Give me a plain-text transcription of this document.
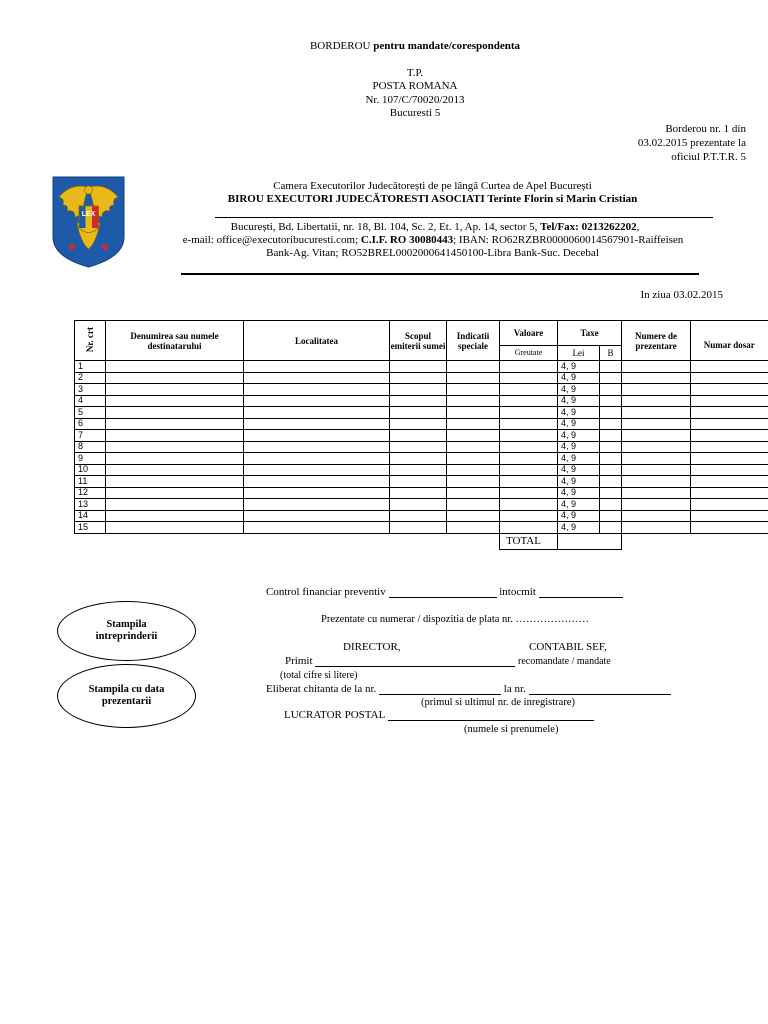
BORDEROU pentru mandate/corespondenta
T.P.
POSTA ROMANA
Nr. 107/C/70020/2013
Bucuresti 5
Borderou nr. 1 din
03.02.2015 prezentate la
oficiul P.T.T.R. 5
UNEJ
LEX
Camera Executorilor Judecătorești de pe lângă Curtea de Apel București
BIROU EXECUTORI JUDECĂTORESTI ASOCIATI Terinte Florin si Marin Cristian
București, Bd. Libertatii, nr. 18, Bl. 104, Sc. 2, Et. 1, Ap. 14, sector 5, Tel/Fax: 0213262202,
e-mail: office@executoribucuresti.com; C.I.F. RO 30080443; IBAN: RO62RZBR0000060014567901-Raiffeisen
Bank-Ag. Vitan; RO52BREL0002000641450100-Libra Bank-Suc. Decebal
In ziua 03.02.2015
Nr. crt	Denumirea sau numele destinatarului	Localitatea	Scopul emiterii sumei	Indicatii speciale	Valoare	Taxe		Numere de prezentare	Numar dosar
					Greutate	Lei	B		
1						4, 9			
2						4, 9			
3						4, 9			
4						4, 9			
5						4, 9			
6						4, 9			
7						4, 9			
8						4, 9			
9						4, 9			
10						4, 9			
11						4, 9			
12						4, 9			
13						4, 9			
14						4, 9			
15						4, 9			
					TOTAL				
Control financiar preventiv	intocmit
Prezentate cu numerar / dispozitia de plata nr. …………………
DIRECTOR,	CONTABIL SEF,
Primit	recomandate / mandate
(total cifre si litere)
Eliberat chitanta de la nr.	la nr.
(primul si ultimul nr. de inregistrare)
LUCRATOR POSTAL
(numele si prenumele)
Stampila intreprinderii
Stampila cu data prezentarii
